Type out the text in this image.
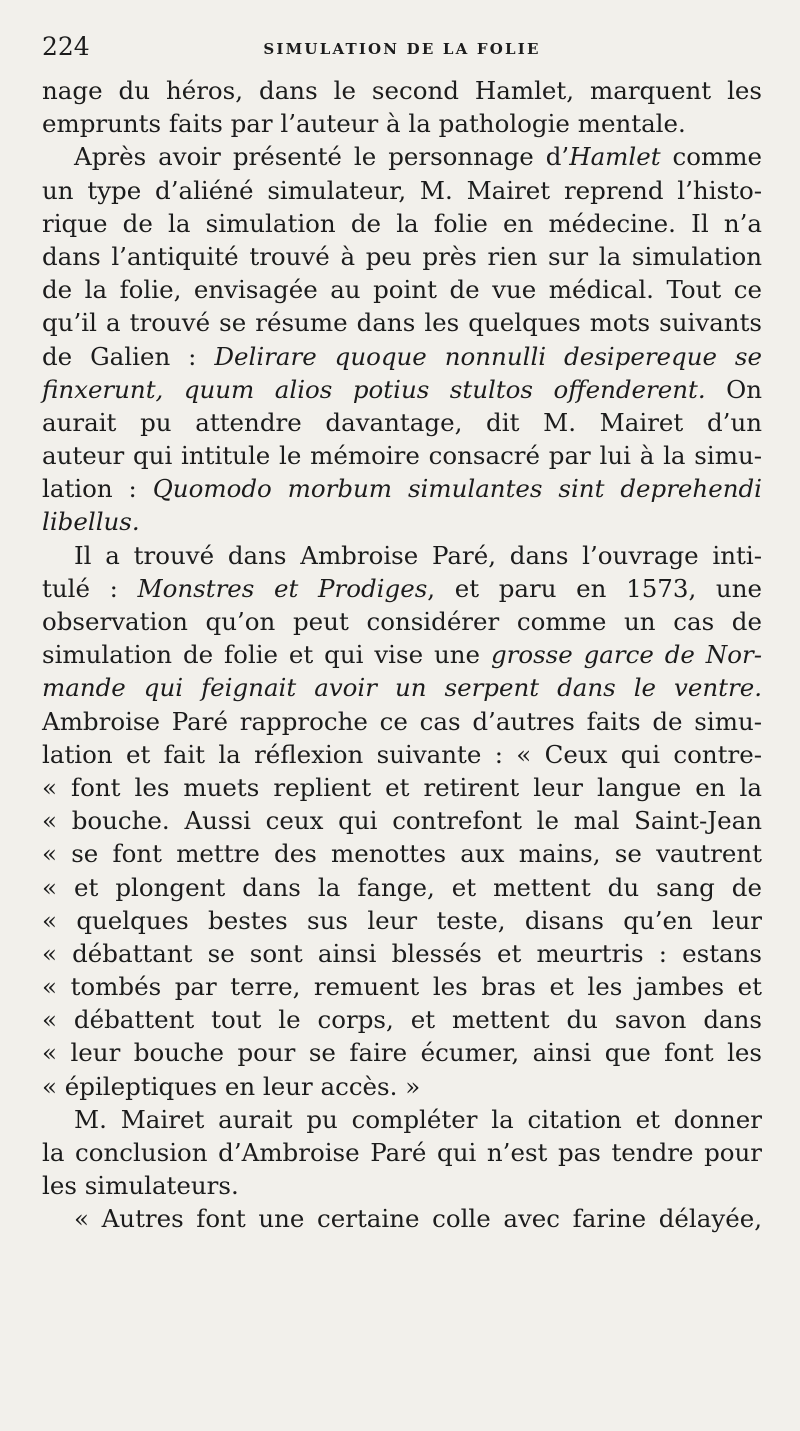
224	SIMULATION DE LA FOLIE
nage du héros, dans le second Hamlet, marquent les
emprunts faits par l’auteur à la pathologie mentale.
Après avoir présenté le personnage d’Hamlet comme
un type d’aliéné simulateur, M. Mairet reprend l’histo-
rique de la simulation de la folie en médecine. Il n’a
dans l’antiquité trouvé à peu près rien sur la simulation
de la folie, envisagée au point de vue médical. Tout ce
qu’il a trouvé se résume dans les quelques mots suivants
de Galien : Delirare quoque nonnulli desipereque se
finxerunt, quum alios potius stultos offenderent. On
aurait pu attendre davantage, dit M. Mairet d’un
auteur qui intitule le mémoire consacré par lui à la simu-
lation : Quomodo morbum simulantes sint deprehendi
libellus.
Il a trouvé dans Ambroise Paré, dans l’ouvrage inti-
tulé : Monstres et Prodiges, et paru en 1573, une
observation qu’on peut considérer comme un cas de
simulation de folie et qui vise une grosse garce de Nor-
mande qui feignait avoir un serpent dans le ventre.
Ambroise Paré rapproche ce cas d’autres faits de simu-
lation et fait la réflexion suivante : « Ceux qui contre-
« font les muets replient et retirent leur langue en la
« bouche. Aussi ceux qui contrefont le mal Saint-Jean
« se font mettre des menottes aux mains, se vautrent
« et plongent dans la fange, et mettent du sang de
« quelques bestes sus leur teste, disans qu’en leur
« débattant se sont ainsi blessés et meurtris : estans
« tombés par terre, remuent les bras et les jambes et
« débattent tout le corps, et mettent du savon dans
« leur bouche pour se faire écumer, ainsi que font les
« épileptiques en leur accès. »
M. Mairet aurait pu compléter la citation et donner
la conclusion d’Ambroise Paré qui n’est pas tendre pour
les simulateurs.
« Autres font une certaine colle avec farine délayée,
